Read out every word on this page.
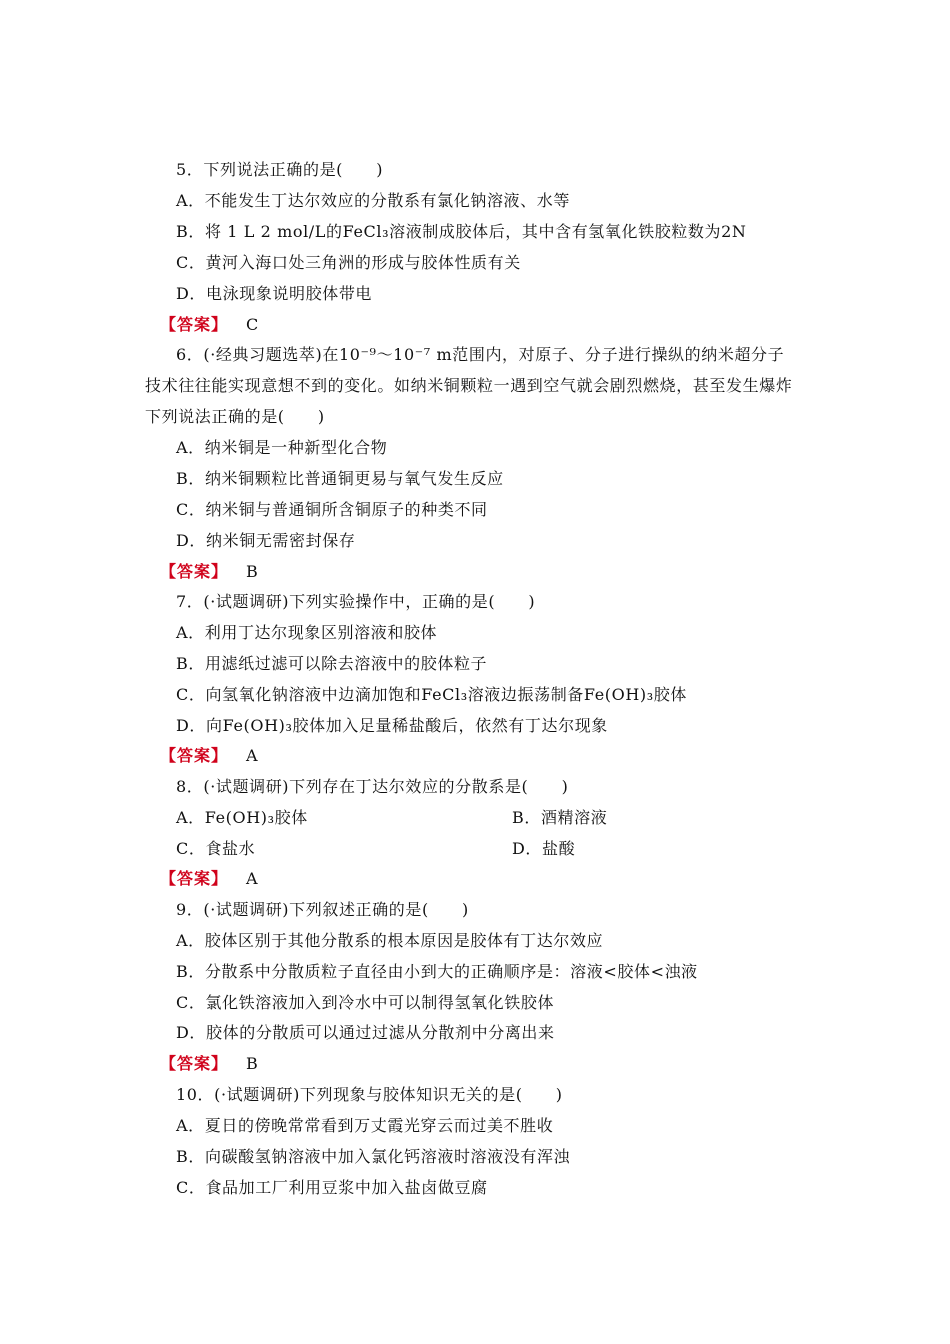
5．下列说法正确的是(　　)
A．不能发生丁达尔效应的分散系有氯化钠溶液、水等
B．将 1 L 2 mol/L的FeCl₃溶液制成胶体后，其中含有氢氧化铁胶粒数为2N
C．黄河入海口处三角洲的形成与胶体性质有关
D．电泳现象说明胶体带电
【答案】 C
6．(·经典习题选萃)在10⁻⁹～10⁻⁷ m范围内，对原子、分子进行操纵的纳米超分子
技术往往能实现意想不到的变化。如纳米铜颗粒一遇到空气就会剧烈燃烧，甚至发生爆炸
下列说法正确的是(　　)
A．纳米铜是一种新型化合物
B．纳米铜颗粒比普通铜更易与氧气发生反应
C．纳米铜与普通铜所含铜原子的种类不同
D．纳米铜无需密封保存
【答案】 B
7．(·试题调研)下列实验操作中，正确的是(　　)
A．利用丁达尔现象区别溶液和胶体
B．用滤纸过滤可以除去溶液中的胶体粒子
C．向氢氧化钠溶液中边滴加饱和FeCl₃溶液边振荡制备Fe(OH)₃胶体
D．向Fe(OH)₃胶体加入足量稀盐酸后，依然有丁达尔现象
【答案】 A
8．(·试题调研)下列存在丁达尔效应的分散系是(　　)
A．Fe(OH)₃胶体	B．酒精溶液
C．食盐水	D．盐酸
【答案】 A
9．(·试题调研)下列叙述正确的是(　　)
A．胶体区别于其他分散系的根本原因是胶体有丁达尔效应
B．分散系中分散质粒子直径由小到大的正确顺序是：溶液<胶体<浊液
C．氯化铁溶液加入到冷水中可以制得氢氧化铁胶体
D．胶体的分散质可以通过过滤从分散剂中分离出来
【答案】 B
10．(·试题调研)下列现象与胶体知识无关的是(　　)
A．夏日的傍晚常常看到万丈霞光穿云而过美不胜收
B．向碳酸氢钠溶液中加入氯化钙溶液时溶液没有浑浊
C．食品加工厂利用豆浆中加入盐卤做豆腐
